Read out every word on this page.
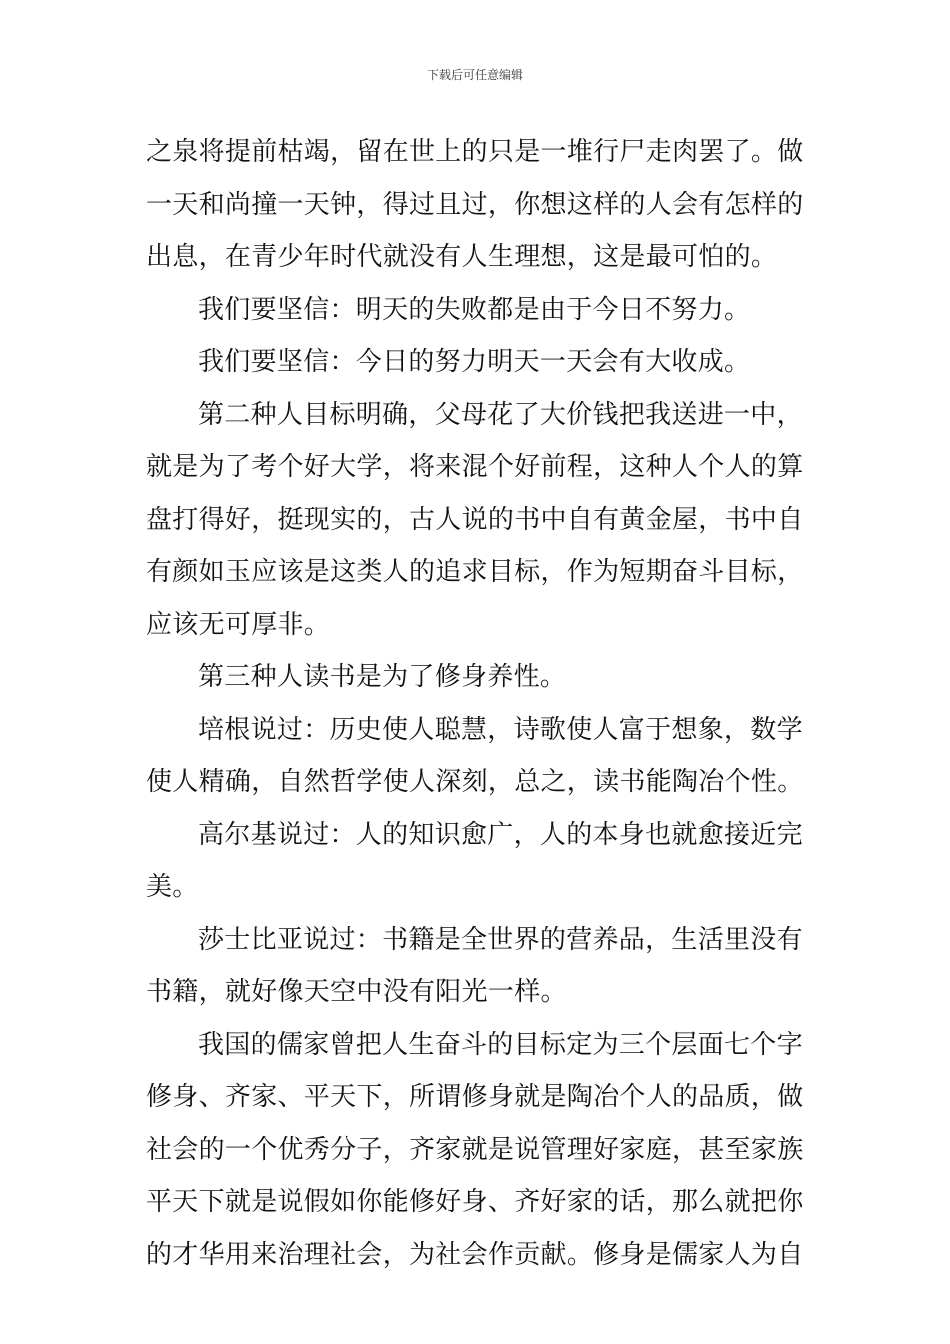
下载后可任意编辑
之泉将提前枯竭，留在世上的只是一堆行尸走肉罢了。做
一天和尚撞一天钟，得过且过，你想这样的人会有怎样的
出息，在青少年时代就没有人生理想，这是最可怕的。
我们要坚信：明天的失败都是由于今日不努力。
我们要坚信：今日的努力明天一天会有大收成。
第二种人目标明确，父母花了大价钱把我送进一中，
就是为了考个好大学，将来混个好前程，这种人个人的算
盘打得好，挺现实的，古人说的书中自有黄金屋，书中自
有颜如玉应该是这类人的追求目标，作为短期奋斗目标，
应该无可厚非。
第三种人读书是为了修身养性。
培根说过：历史使人聪慧，诗歌使人富于想象，数学
使人精确，自然哲学使人深刻，总之，读书能陶冶个性。
高尔基说过：人的知识愈广，人的本身也就愈接近完
美。
莎士比亚说过：书籍是全世界的营养品，生活里没有
书籍，就好像天空中没有阳光一样。
我国的儒家曾把人生奋斗的目标定为三个层面七个字
修身、齐家、平天下，所谓修身就是陶冶个人的品质，做
社会的一个优秀分子，齐家就是说管理好家庭，甚至家族
平天下就是说假如你能修好身、齐好家的话，那么就把你
的才华用来治理社会，为社会作贡献。修身是儒家人为自
